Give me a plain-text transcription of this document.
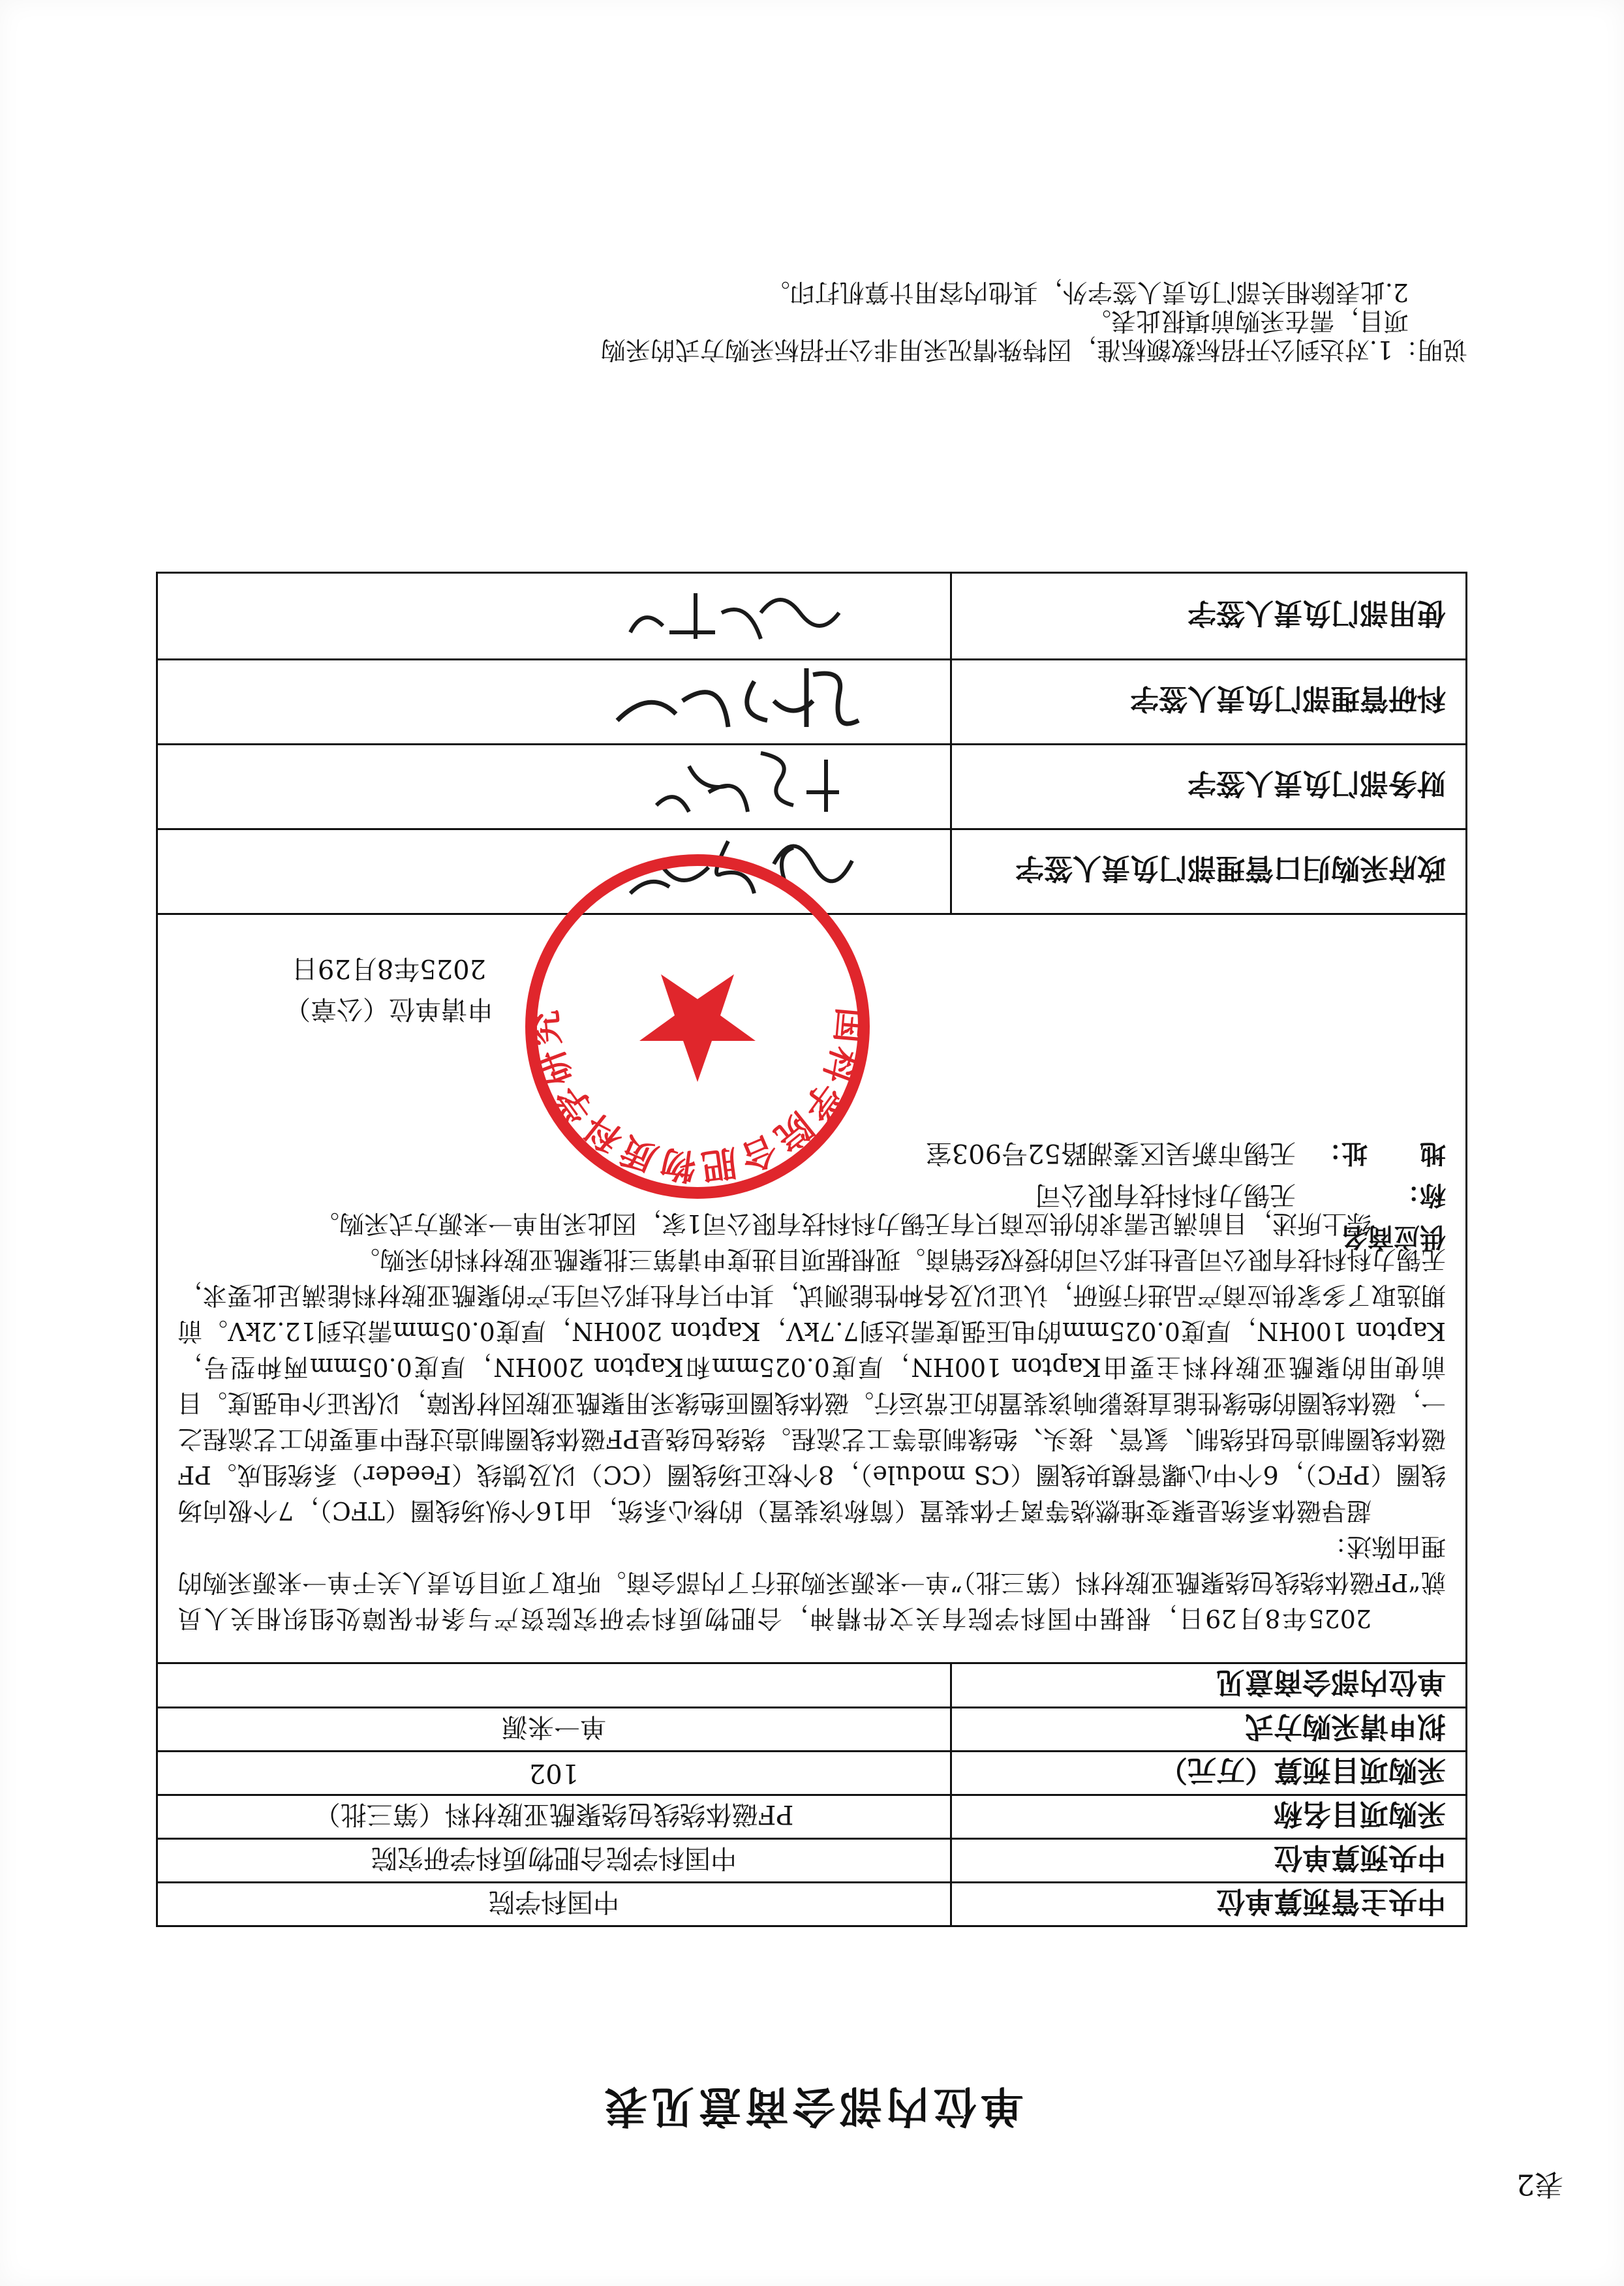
表2
单位内部会商意见表
中央主管预算单位
中国科学院
中央预算单位
中国科学院合肥物质科学研究院
采购项目名称
PF磁体绕线包绕聚酰亚胺材料（第三批）
采购项目预算（万元）
102
拟申请采购方式
单一来源
单位内部会商意见

2025年8月29日，根据中国科学院有关文件精神，合肥物质科学研究院资产与条件保障处组织相关人员就“PF磁体绕线包绕聚酰亚胺材料（第三批）”单一来源采购进行了内部会商。听取了项目负责人关于单一来源采购的理由陈述：

超导磁体系统是聚变堆燃烧等离子体装置（简称该装置）的核心系统，由16个纵场线圈（TFC），7个极向场线圈（PFC），6个中心螺管模块线圈（CS module），8个校正场线圈（CC）以及馈线（Feeder）系统组成。PF磁体线圈制造包括绕制、氦管、接头、绝缘制造等工艺流程。绕绕包绕是PF磁体线圈制造过程中重要的工艺流程之一，磁体线圈的绝缘性能直接影响该装置的正常运行。磁体线圈匝绝缘采用聚酰亚胺因材保障，以保证介电强度。目前使用的聚酰亚胺材料主要由Kapton 100HN，厚度0.025mm和Kapton 200HN，厚度0.05mm两种型号，Kapton 100HN，厚度0.025mm的电压强度需达到7.7kV，Kapton 200HN，厚度0.05mm需达到12.2kV。前期选取了多家供应商产品进行预研，认证以及各种性能测试，其中只有杜邦公司生产的聚酰亚胺材料能满足此要求，无锡力科科技有限公司是杜邦公司的授权经销商。现根据项目进度申请第三批聚酰亚胺材料的采购。

综上所述，目前满足需求的供应商只有无锡力科科技有限公司1家，因此采用单一来源方式采购。

供应商名称：无锡力科科技有限公司
地　　址：无锡市新吴区菱湖路52号903室
申请单位（公章）
2025年8月29日
政府采购归口管理部门负责人签字
财务部门负责人签字
科研管理部门负责人签字
使用部门负责人签字
国科学院合肥物质科学研究

说明：1.对达到公开招标数额标准，因特殊情况采用非公开招标采购方式的采购

项目，需在采购前填报此表。

2.此表除相关部门负责人签字外，其他内容用计算机打印。
